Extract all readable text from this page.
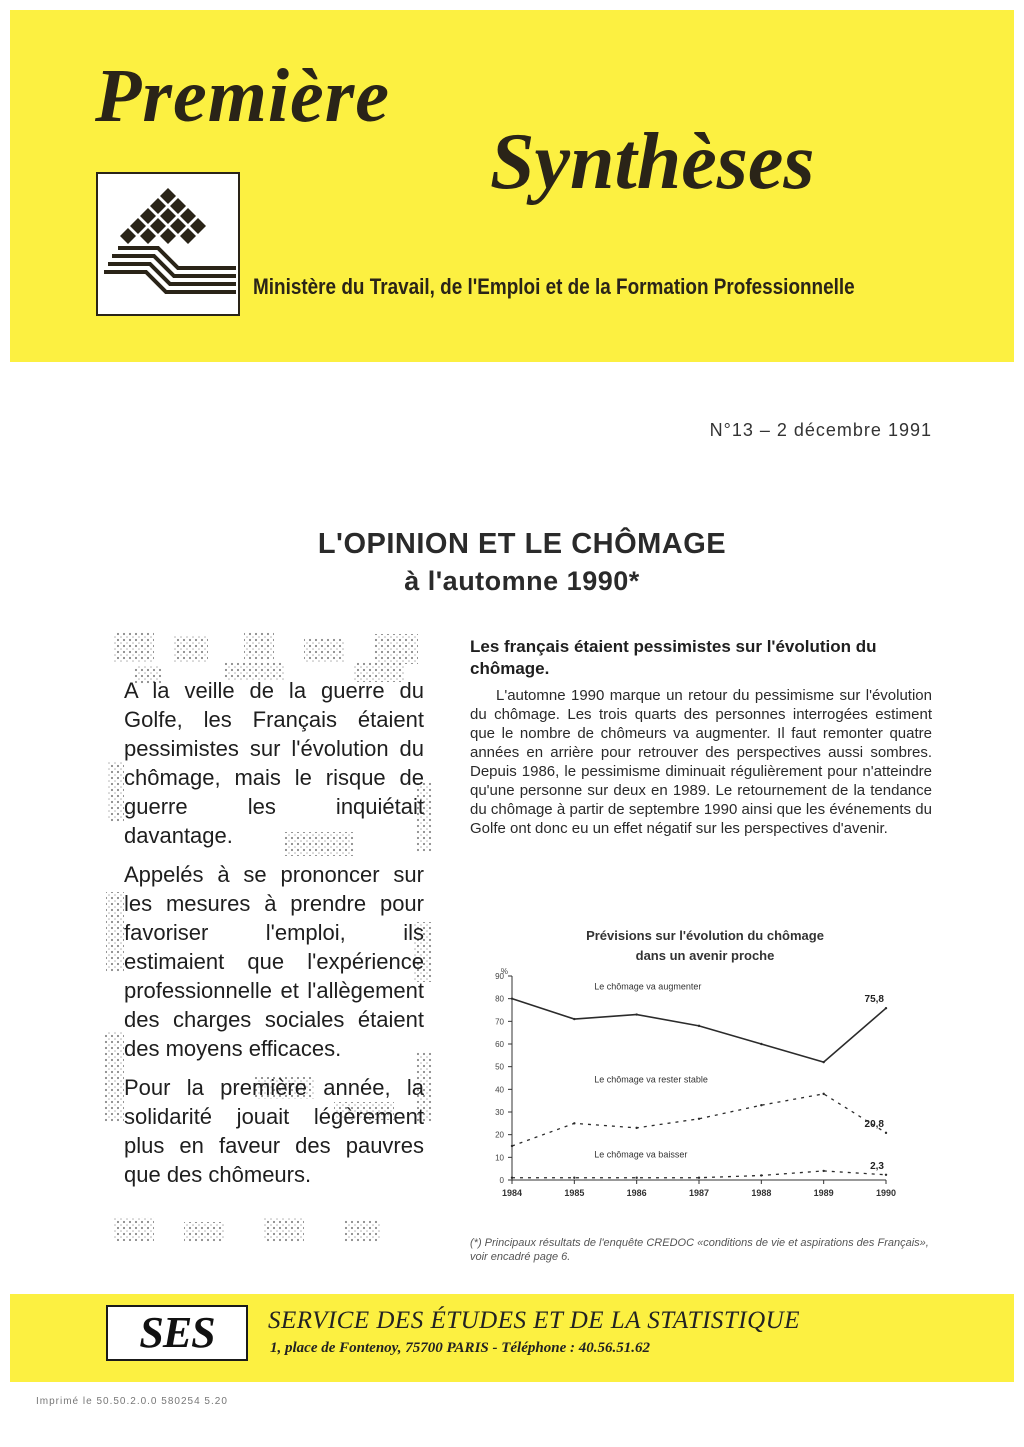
Première
Synthèses
Ministère du Travail, de l'Emploi et de la Formation Professionnelle
N°13 – 2 décembre 1991
L'OPINION ET LE CHÔMAGE
à l'automne 1990*

A la veille de la guerre du Golfe, les Français étaient pessimistes sur l'évolution du chômage, mais le risque de guerre les inquiétait davantage.

Appelés à se prononcer sur les mesures à prendre pour favoriser l'emploi, ils estimaient que l'expérience professionnelle et l'allègement des charges sociales étaient des moyens efficaces.

Pour la première année, la solidarité jouait légèrement plus en faveur des pauvres que des chômeurs.

Les français étaient pessimistes sur l'évolution du chômage.

L'automne 1990 marque un retour du pessimisme sur l'évolution du chômage. Les trois quarts des personnes interrogées estiment que le nombre de chômeurs va augmenter. Il faut remonter quatre années en arrière pour retrouver des perspectives aussi sombres. Depuis 1986, le pessimisme diminuait régulièrement pour n'atteindre qu'une personne sur deux en 1989. Le retournement de la tendance du chômage à partir de septembre 1990 ainsi que les événements du Golfe ont donc eu un effet négatif sur les perspectives d'avenir.

Prévisions sur l'évolution du chômage
dans un avenir proche
%
0
10
20
30
40
50
60
70
80
90
1984	1985	1986	1987	1988	1989	1990
Le chômage va augmenter
75,8
Le chômage va rester stable
20,8
Le chômage va baisser
2,3
(*) Principaux résultats de l'enquête CREDOC «conditions de vie et aspirations des Français», voir encadré page 6.
SES	SERVICE DES ÉTUDES ET DE LA STATISTIQUE
1, place de Fontenoy, 75700 PARIS - Téléphone : 40.56.51.62
Imprimé le 50.50.2.0.0 580254 5.20
